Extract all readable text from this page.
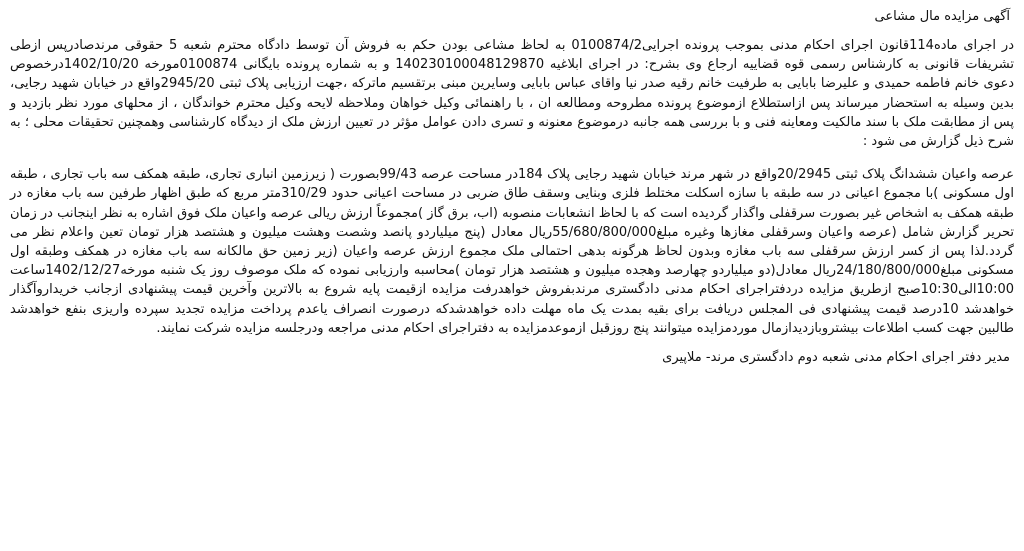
آگهی مزایده مال مشاعی

در اجرای ماده114قانون اجرای احکام مدنی بموجب پرونده اجرایی0100874/2 به لحاظ مشاعی بودن حکم به فروش آن توسط دادگاه محترم شعبه 5 حقوقی مرندصادرپس ازطی تشریفات قانونی به کارشناس رسمی قوه قضاییه ارجاع وی بشرح: در اجرای ابلاغیه 140230100048129870 و به شماره پرونده بایگانی 0100874مورخه 1402/10/20درخصوص دعوی خانم فاطمه حمیدی و علیرضا بابایی به طرفیت خانم رقیه صدر نیا واقای عباس بابایی وسایرین مبنی برتقسیم ماترکه ،جهت ارزیابی پلاک ثبتی 2945/20واقع در خیابان شهید رجایی، بدین وسیله به استحضار میرساند پس ازاستطلاع ازموضوع پرونده مطروحه ومطالعه ان ، با راهنمائی وکیل خواهان وملاحظه لایحه وکیل محترم خواندگان ، از محلهای مورد نظر بازدید و پس از مطابقت ملک با سند مالکیت ومعاینه فنی و با بررسی همه جانبه درموضوع معنونه و تسری دادن عوامل مؤثر در تعیین ارزش ملک از دیدگاه کارشناسی وهمچنین تحقیقات محلی ؛ به شرح ذیل گزارش می شود :

عرصه واعیان ششدانگ پلاک ثبتی 20/2945واقع در شهر مرند خیابان شهید رجایی پلاک 184در مساحت عرصه 99/43بصورت ( زیرزمین انباری تجاری، طبقه همکف سه باب تجاری ، طبقه اول مسکونی )با مجموع اعیانی در سه طبقه با سازه اسکلت مختلط فلزی وبنایی وسقف طاق ضربی در مساحت اعیانی حدود 310/29متر مربع که طبق اظهار طرفین سه باب مغازه در طبقه همکف به اشخاص غیر بصورت سرقفلی واگذار گردیده است که با لحاظ انشعابات منصوبه (اب، برق گاز )مجموعاً ارزش ریالی عرصه واعیان ملک فوق اشاره به نظر اینجانب در زمان تحریر گزارش شامل (عرصه واعیان وسرقفلی مغازها وغیره مبلغ55/680/800/000ریال معادل (پنج میلیاردو پانصد وشصت وهشت میلیون و هشتصد هزار تومان تعین واعلام نظر می گردد.لذا پس از کسر ارزش سرقفلی سه باب مغازه وبدون لحاظ هرگونه بدهی احتمالی ملک مجموع ارزش عرصه واعیان (زیر زمین حق مالکانه سه باب مغازه در همکف وطبقه اول مسکونی مبلغ24/180/800/000ریال معادل(دو میلیاردو چهارصد وهجده میلیون و هشتصد هزار تومان )محاسبه وارزیابی نموده که ملک موصوف روز یک شنبه مورخه1402/12/27ساعت 10:00الی10:30صبح ازطریق مزایده دردفتراجرای احکام مدنی دادگستری مرندبفروش خواهدرفت مزایده ازقیمت پایه شروع به بالاترین وآخرین قیمت پیشنهادی ازجانب خریداروآگذار خواهدشد 10درصد قیمت پیشنهادی فی المجلس دریافت برای بقیه بمدت یک ماه مهلت داده خواهدشدکه درصورت انصراف یاعدم پرداخت مزایده تجدید سپرده واریزی بنفع خواهدشد طالبین جهت کسب اطلاعات بیشتروبازدیدازمال موردمزایده میتوانند پنج روزقبل ازموعدمزایده به دفتراجرای احکام مدنی مراجعه ودرجلسه مزایده شرکت نمایند.

مدیر دفتر اجرای احکام مدنی شعبه دوم دادگستری مرند- ملاپیری
